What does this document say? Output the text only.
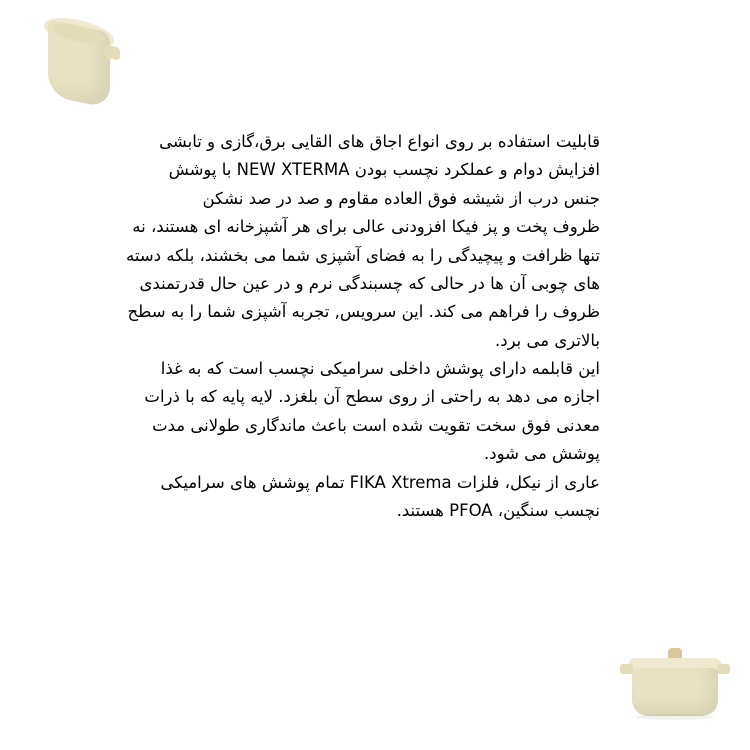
قابلیت استفاده بر روی انواع اجاق های القایی برق،گازی و تابشی

افزایش دوام و عملکرد نچسب بودن NEW XTERMA با پوشش

جنس درب از شیشه فوق العاده مقاوم و صد در صد نشکن

ظروف پخت و پز فیکا افزودنی عالی برای هر آشپزخانه ای هستند، نه تنها ظرافت و پیچیدگی را به فضای آشپزی شما می بخشند، بلکه دسته های چوبی آن ها در حالی که چسبندگی نرم و در عین حال قدرتمندی ظروف را فراهم می کند. این سرویس, تجربه آشپزی شما را به سطح بالاتری می برد.

این قابلمه دارای پوشش داخلی سرامیکی نچسب است که به غذا اجازه می دهد به راحتی از روی سطح آن بلغزد. لایه پایه که با ذرات معدنی فوق سخت تقویت شده است باعث ماندگاری طولانی مدت پوشش می شود.

عاری از نیکل، فلزات FIKA Xtrema تمام پوشش های سرامیکی نچسب سنگین، PFOA هستند.
